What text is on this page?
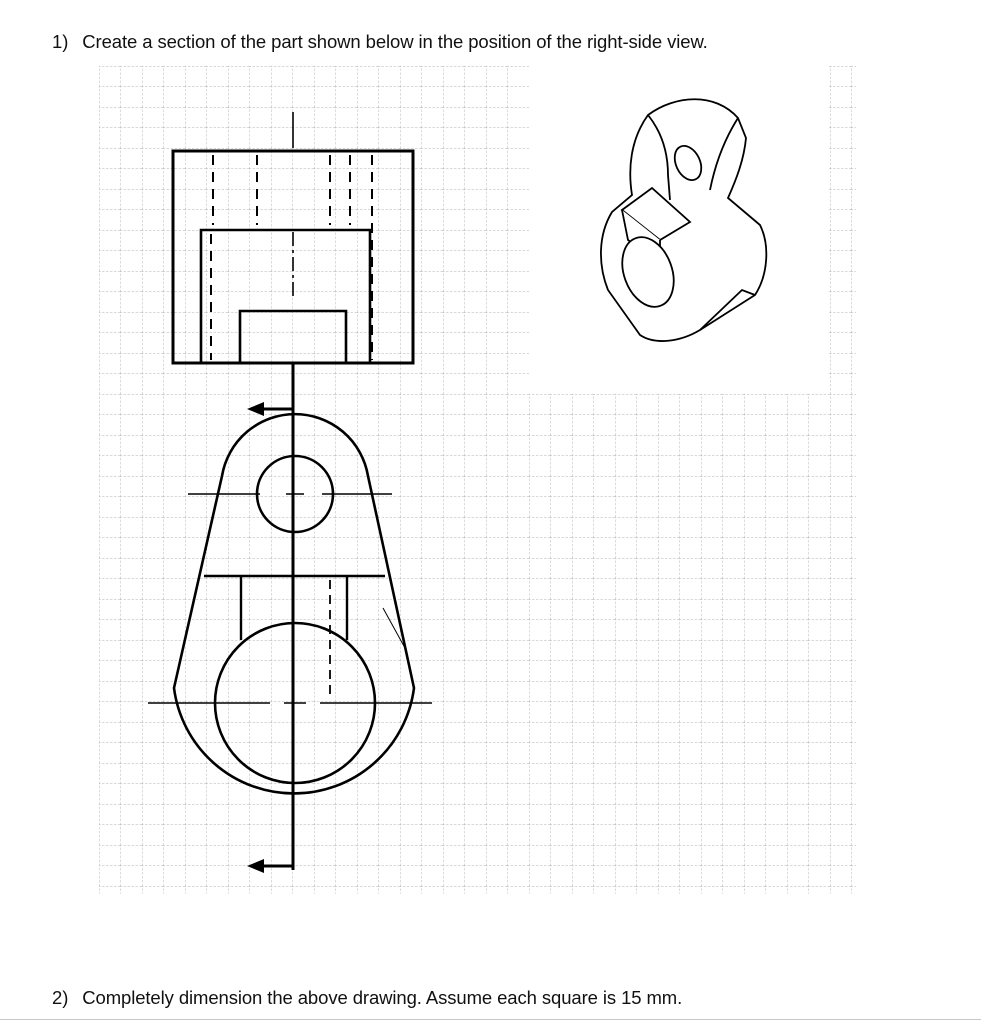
1) Create a section of the part shown below in the position of the right-side view.
2) Completely dimension the above drawing. Assume each square is 15 mm.
